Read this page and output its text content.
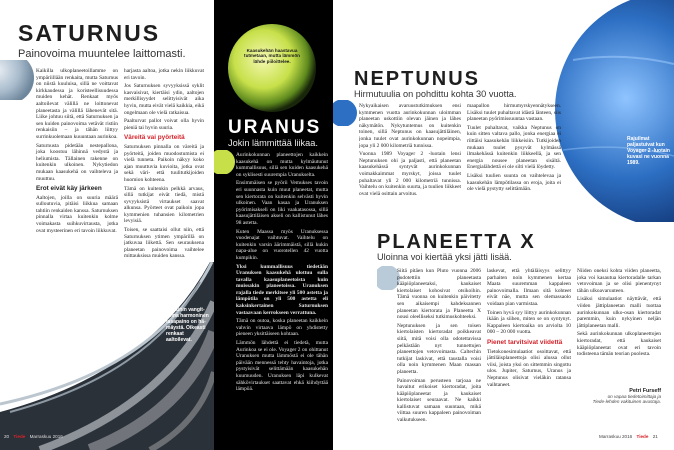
SATURNUS

Painovoima muuntelee laittomasti.

Kaikilla ulkoplaneetoillamme on ympäriillään renkaita, mutta Saturnus on niistä kuuluisa, sillä ne voittavat kirkkaudessa ja koristeellisuudessa muiden kehät. Renkaat myös aaltoilevat välillä ne loittonevat planeetasta ja välillä lähenevät sitä. Liike johtuu siitä, että Saturnuksen ja sen kuiden painovoima vetävät ristiin renkaisiin – ja tähän liittyy surrinkuolemaan kuuuntaan aurinkoa.

Saturnusta pidetään nestepallona, joka koostuu lähinnä vedystä ja heliumista. Tällainen rakenne on kuitenkin ulkoinen. Nykytiedon mukaan kaasukehä on vaihteleva ja muuttuu.

Erot eivät käy järkeen

Aaltojen, joilla on suuria määrä sulloutuvia, pitäisi liikkua samaan tahtiin renkaiden kanssa. Saturnuksen pinnalla virtaa kuitenkin kolme voimakasta suihkuvirtausta, jotka ovat mysteerinen eri tavoin liikkuvat.

harjasta aaltoa, jotka nekin liikkuvat eri tavoin.

Jos Saturnuksen syvyyksissä syklit kasvaisivat, kiertäisi ydin, aaltojen merkillisyydet selittyisivät aika hyvin, mutta eivät vielä kaikkia, eikä ongelmaan ole vielä ratkaisua.

Paalturvat pallot voivat olla hyvin pieniä tai hyvin suuria.

Väreitä vai pyörteitä

Saturnuksen pinnalla on väreitä ja pyörteitä, joiden muodostumista ei vielä tunneta. Paikoin näkyy koko ajan muuttuvia kuvioita, jotka ovat sekä väri- että tuulitutkijoiden huomion kohteena.

Tämä on kuitenkin pelkkä arvaus, sillä tutkijat eivät tiedä, mistä syvyyksistä virtaukset saavat alkunsa. Pyörteet ovat paikoin jopa kymmenien tuhansien kilometrien levyisiä.

Toisen, se saattaisi ollut niin, että Saturnuksen ytimen ympärillä on jatkuvaa liikettä. Sen seurauksena planeetan painovoima vaihtelee mittauksissa muiden kanssa.

Cassinin vangitsema harmoninen tasapaino on hämäystä. Oikeasti renkaat aaltoilevat.
20 Tiede Marraskuu 2016
Kaasukehän haastavua tutmetaan, mutta lämmön lähde piiloittelee.
URANUS

Jokin lämmittää liikaa.

Aurinkokunnan planeettojen kaikkein kaasukehä on mutta kylmäutunut kummallisuus, sillä sen kuiden kaasukehä on syklisesti suurempia Uranukselta.

Ensimmäisen se pyörii Vemukses tavoin eri suunnasta kuin muut planeetat, mutta sen kiertorata on kuitenkin selvästi hyvin ulkoinen. Vaan kasaa ja Uranuksen pyörimisakseli on liki vaakatasossa, sillä kaasujättiläisen akseli on kallistunut lähes 98 astetta.

Kuten Maassa myös Uranuksessa vuodenajat vaihtuvat. Vaihtelu on kuitenkin varsin äärimmäistä, sillä kukin napa-alue on vuorotellen 42 vuotta kumpikin.

Yksi kummallisuus tiedetään Uranuksen kaasukehä ulottuu sulla tavalla kaasuplaneetoista kuin muissakin planeetoissa. Uranuksen rajalla tiede merkitsee yli 500 astetta ja lämpötila on yli 500 astetta eli kaksinkertainen Saturnuksen vastaavaan kerrokseen verrattuna.

Tämä on outoa, koska planeetan kaikkein vahvin virtaava lämpö on yhdistetty pieneen yksittäiseen kohtaan.

Lämmön lähdettä ei tiedetä, mutta Aurinkoa se ei ole. Voyager 2 on ohittanut Uranuksen mutta lämmöstä ei ole tähän päivään mennessä tehty havaintoja, jotka pystyisivät selittämään kaasukehän kuumuuden. Uranuksen läpi kulkevat sähkövirtaukset saattavat ehkä kiihdyttää lämpöä.

Rajuilmat paljastuivat kun Voyager 2 -luotain kuvasi ne vuonna 1989.
NEPTUNUS

Hirmutuulia on pohdittu kohta 30 vuotta.

Nykyaikaisen avaruustutkimuksen ensi kymmenen vuotta aurinkokunnan uloimman planeetan uskottiin olevan jäinen ja lähes näkymätön. Nykytuntemus on kuitenkin toinen, sillä Neptunus on kaasujättiläinen, jonka tuulet ovat aurinkokunnan nopeimpia, jopa yli 2 000 kilometriä tunnissa.

Vuonna 1989 Voyager 2 -luotain lensi Neptunuksen ohi ja paljasti, että planeetan kaasukehässä syntyvät aurinkokunnan voimakkaimmat myrskyt, joissa tuulet puhaltavat yli 2 000 kilometriä tunnissa. Vaihtelu on kuitenkin suurta, ja tuulien liikkeet ovat vielä osittain arvoitus.

maapallon hirmumyrskyennätykseen. Lisäksi tuulet puhaltavat idästä länteen, siis planeetan pyörimissuuntaa vastaan.

Tuulet puhaltavat, vaikka Neptunus on kuin sitten valtava pallo, jonka energiaa ei riittäisi kaasukehän liikkeisiin. Tutkijoiden mukaan tuulet pysyvät kylmässä ilmakehässä kuitenkin liikkeellä, ja sen energia nousee planeetan sisältä. Energialähdettä ei ole silti vielä löydetty.

Lisäksi tuulien suunta on vaihtelevaa ja kaasukehän lämpötilassa on eroja, joita ei ole vielä pystytty selittämään.

PLANEETTA X

Uloinna voi kiertää yksi jätti lisää.

Siitä pitäen kun Pluto vuonna 2006 pudotettiin planeetasta kääpiöplaneetaksi, kaukaiset kiertolaiset kohosivat otsikoihin. Tämä vuonna on kuitenkin päivitetty sen aikaisempi kahdeksannen planeetan kiertorata ja Planeetta X nousi oleelliseksi tutkimuskohteeksi.

Neptunuksen ja sen toisen kiertolaisten kiertoradat poikkeavat siitä, mitä voisi olla odotettavissa pelkästään nyt tunnettujen planeettojen vetovoimasta. Caltechin tutkijat laskivat, että taustalla voisi olla noin kymmenen Maan massan planeetta.

Painovoiman perusteen tarjoaa ne havaitut erikoiset kiertoradat, joita kääpiöplaneetat ja kaukaiset kiertolaiset seuraavat. Ne kaikki kallistuvat samaan suuntaan, mikä viittaa suuren kappaleen painovoiman vaikutukseen.

laskevat, että yhtäläisyys selittyy parhaiten noin kymmenen kertaa Maata suuremman kappaleen painovoimalla. Ilmaan sitä kohteet eivät näe, mutta sen olemassaolo voidaan pian varmistaa.

Toinen hyvä syy liittyy aurinkokunnan ikään ja siihen, miten se on syntynyt. Kappaleen kiertoaika on arviolta 10 000 – 20 000 vuotta.

Pienet tarvitsivat viidettä

Tietokonesimulaatiot osoittavat, että jättiläisplaneettoja olisi alussa ollut viisi, joista yksi on sittemmin singottu ulos. Jupiter, Saturnus, Uranus ja Neptunus olisivat vieläkin ratansa vaihtaneet.

Niiden oneksi kohta viiden planeetta, joka voi kasautua kiertoradalle tarkan vetovoiman ja se olisi pienentynyt tähän ulkoavaruuteen.

Lisäksi simulaatiot näyttävät, että viiden jättiplaneetan malli tuottaa aurinkokunnan ulko-osan kiertoradat paremmin, kuin nykyinen neljän jättiplaneetan malli.

Sekä aurinkokunnan ulkoplaneettojen kiertoradat, että kaukaiset kääpiöplaneetat ovat eri tavoin todisteena tämän teorian puolesta.

Petri Furseff
on vapaa tiedetoimittaja ja
Tiede-lehden vakituinen avustaja.
Marraskuu 2016 Tiede 21
